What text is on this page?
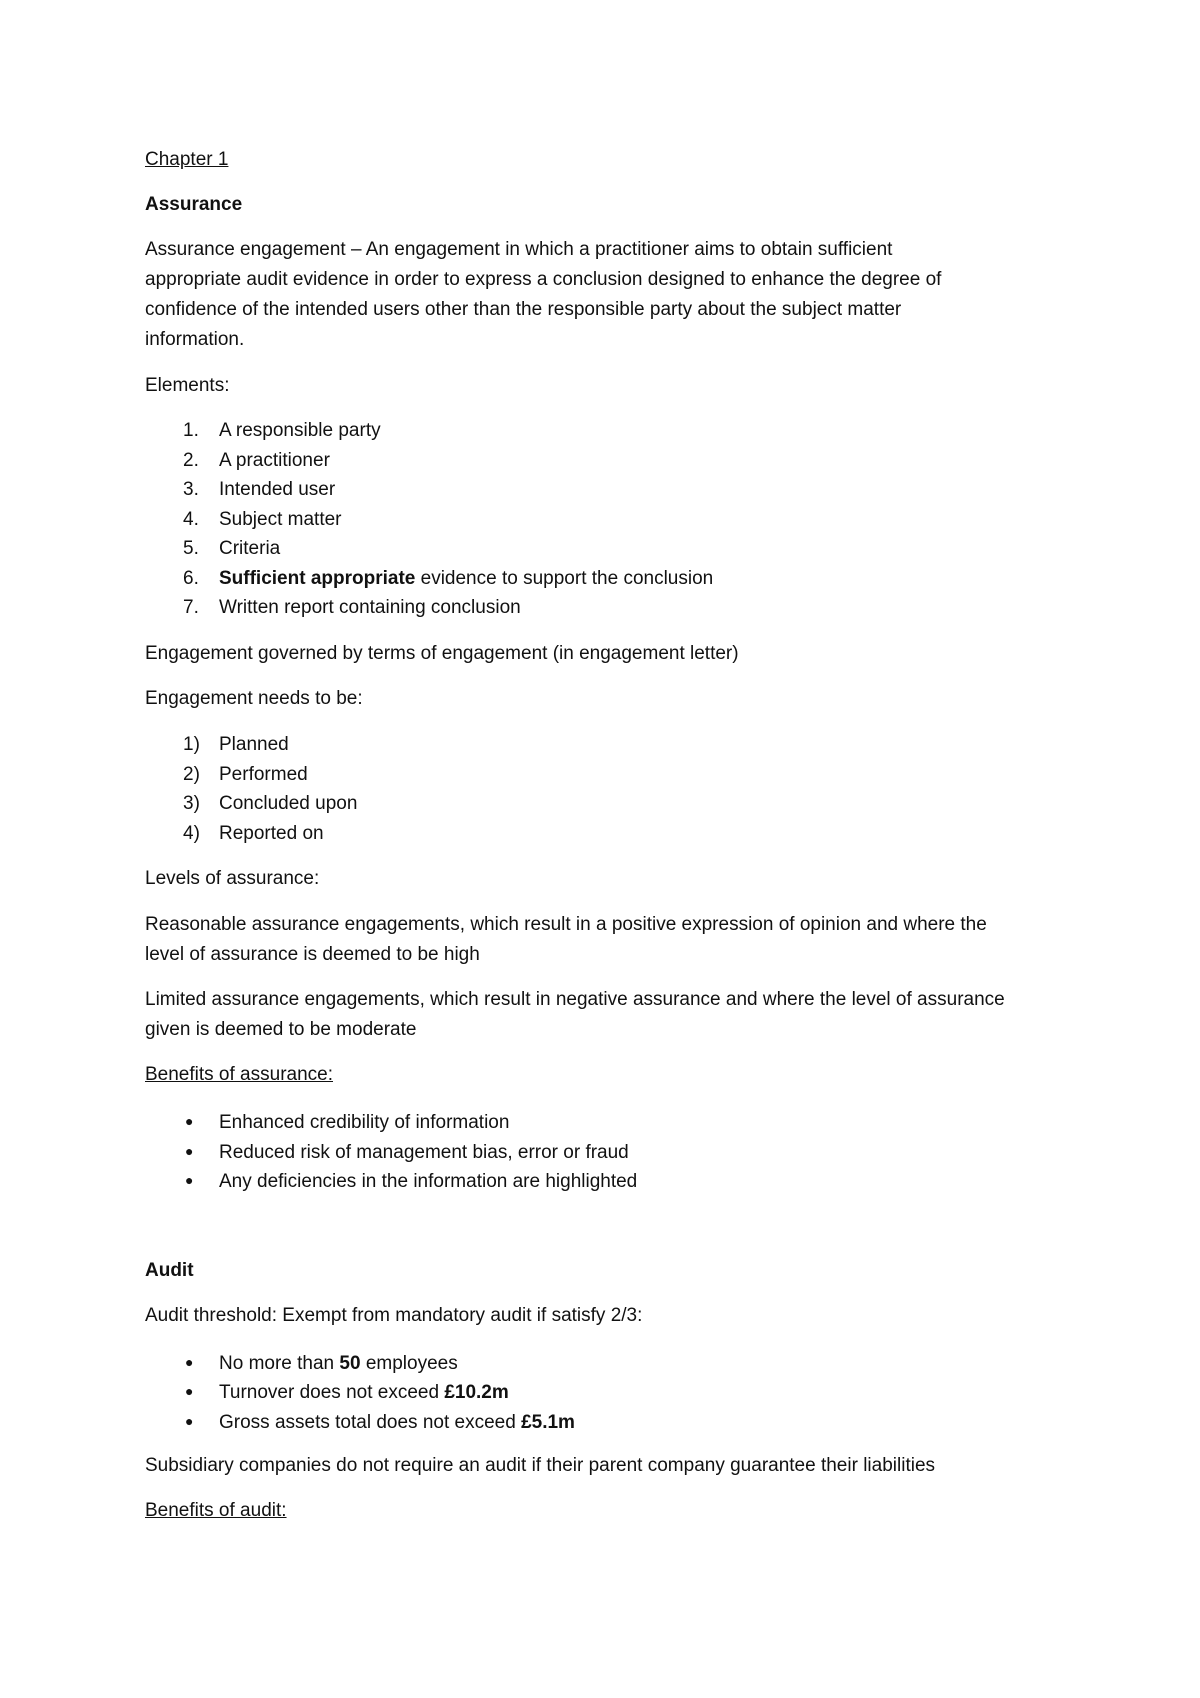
Chapter 1
Assurance
Assurance engagement – An engagement in which a practitioner aims to obtain sufficient
appropriate audit evidence in order to express a conclusion designed to enhance the degree of
confidence of the intended users other than the responsible party about the subject matter
information.
Elements:
1. A responsible party
2. A practitioner
3. Intended user
4. Subject matter
5. Criteria
6. Sufficient appropriate evidence to support the conclusion
7. Written report containing conclusion
Engagement governed by terms of engagement (in engagement letter)
Engagement needs to be:
1) Planned
2) Performed
3) Concluded upon
4) Reported on
Levels of assurance:
Reasonable assurance engagements, which result in a positive expression of opinion and where the
level of assurance is deemed to be high
Limited assurance engagements, which result in negative assurance and where the level of assurance
given is deemed to be moderate
Benefits of assurance:
● Enhanced credibility of information
● Reduced risk of management bias, error or fraud
● Any deficiencies in the information are highlighted
Audit
Audit threshold: Exempt from mandatory audit if satisfy 2/3:
● No more than 50 employees
● Turnover does not exceed £10.2m
● Gross assets total does not exceed £5.1m
Subsidiary companies do not require an audit if their parent company guarantee their liabilities
Benefits of audit:
